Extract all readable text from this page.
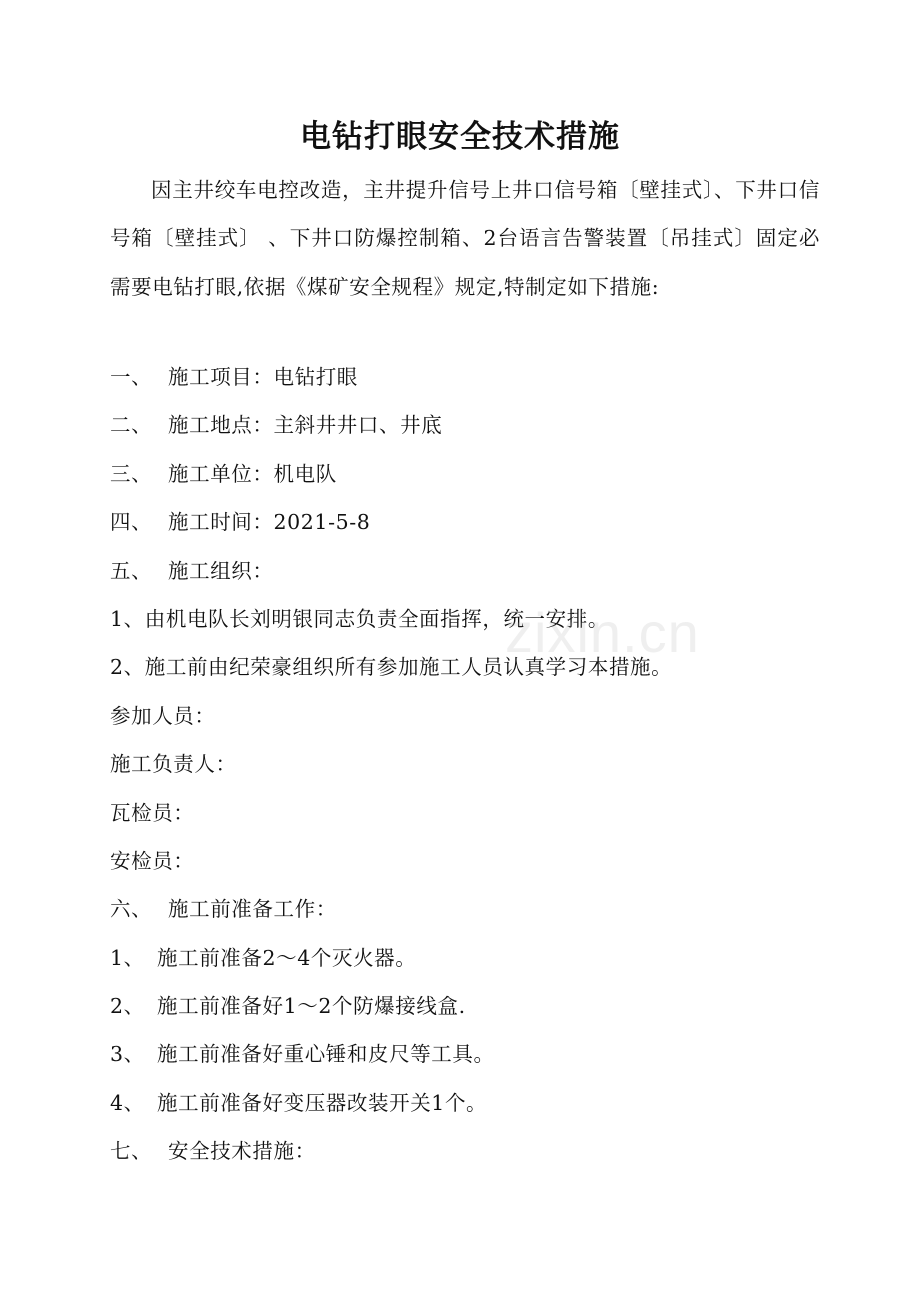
电钻打眼安全技术措施
因主井绞车电控改造，主井提升信号上井口信号箱〔壁挂式〕、下井口信号箱〔壁挂式〕 、下井口防爆控制箱、2台语言告警装置〔吊挂式〕固定必需要电钻打眼,依据《煤矿安全规程》规定,特制定如下措施:
一、 施工项目：电钻打眼
二、 施工地点：主斜井井口、井底
三、 施工单位：机电队
四、 施工时间：2021-5-8
五、 施工组织：
1、由机电队长刘明银同志负责全面指挥，统一安排。
2、施工前由纪荣豪组织所有参加施工人员认真学习本措施。
参加人员：
施工负责人：
瓦检员：
安检员：
六、 施工前准备工作：
1、 施工前准备2～4个灭火器。
2、 施工前准备好1～2个防爆接线盒.
3、 施工前准备好重心锤和皮尺等工具。
4、 施工前准备好变压器改装开关1个。
七、 安全技术措施：
zixin.cn
